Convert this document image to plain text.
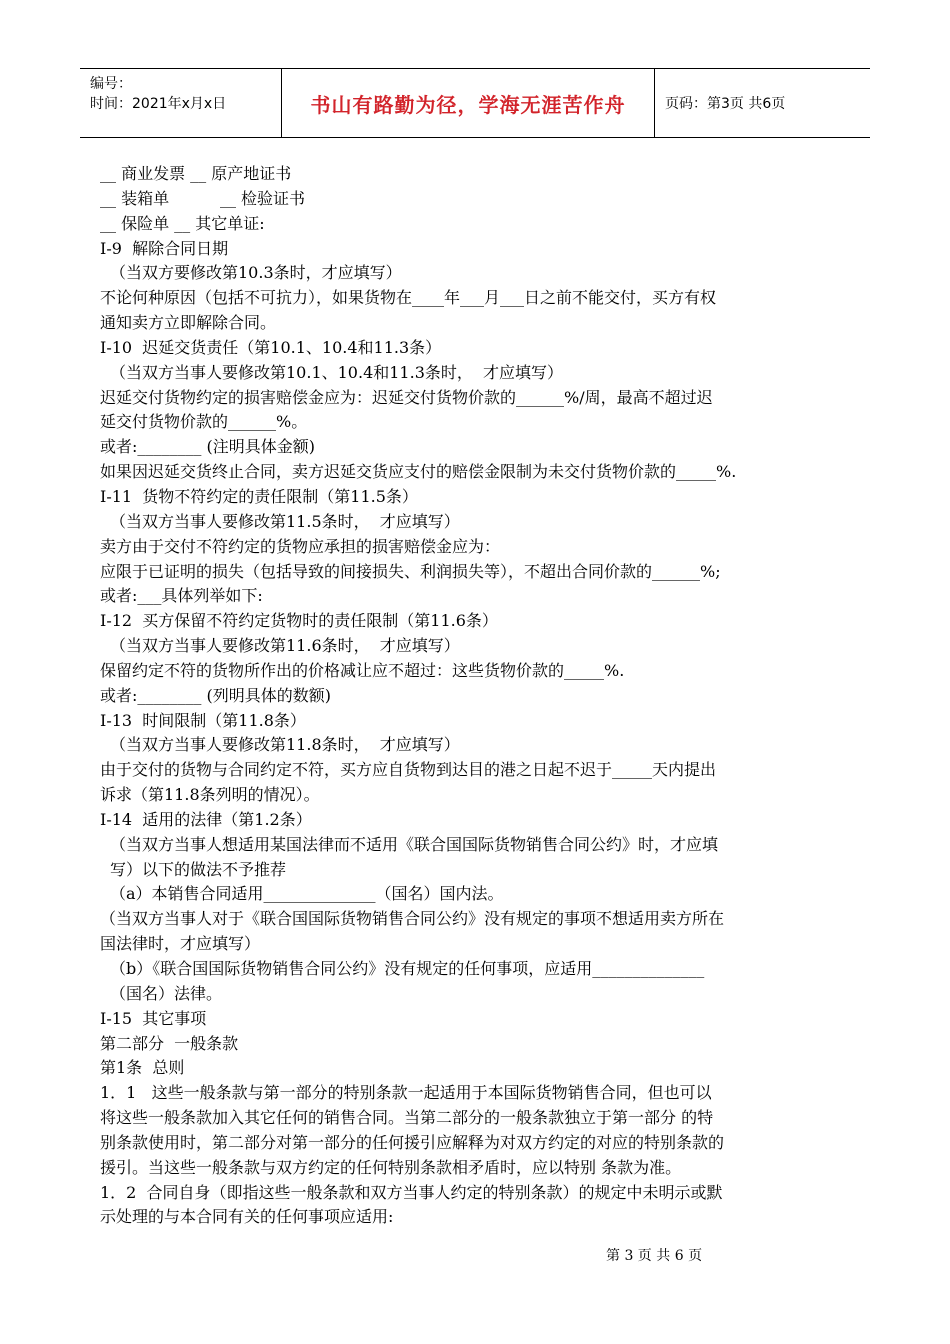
编号：
时间：2021年x月x日	书山有路勤为径，学海无涯苦作舟	页码：第3页 共6页
__ 商业发票 __ 原产地证书
__ 装箱单          __ 检验证书
__ 保险单 __ 其它单证:
I-9  解除合同日期
（当双方要修改第10.3条时，才应填写）
不论何种原因（包括不可抗力），如果货物在____年___月___日之前不能交付，买方有权
通知卖方立即解除合同。
I-10  迟延交货责任（第10.1、10.4和11.3条）
（当双方当事人要修改第10.1、10.4和11.3条时，  才应填写）
迟延交付货物约定的损害赔偿金应为：迟延交付货物价款的______%/周，最高不超过迟
延交付货物价款的______%。
或者:________ (注明具体金额)
如果因迟延交货终止合同，卖方迟延交货应支付的赔偿金限制为未交付货物价款的_____%.
I-11  货物不符约定的责任限制（第11.5条）
（当双方当事人要修改第11.5条时，  才应填写）
卖方由于交付不符约定的货物应承担的损害赔偿金应为：
应限于已证明的损失（包括导致的间接损失、利润损失等），不超出合同价款的______%;
或者:___具体列举如下:
I-12  买方保留不符约定货物时的责任限制（第11.6条）
（当双方当事人要修改第11.6条时，  才应填写）
保留约定不符的货物所作出的价格减让应不超过：这些货物价款的_____%.
或者:________ (列明具体的数额)
I-13  时间限制（第11.8条）
（当双方当事人要修改第11.8条时，  才应填写）
由于交付的货物与合同约定不符，买方应自货物到达目的港之日起不迟于_____天内提出
诉求（第11.8条列明的情况）。
I-14  适用的法律（第1.2条）
（当双方当事人想适用某国法律而不适用《联合国国际货物销售合同公约》时，才应填
写）以下的做法不予推荐
（a）本销售合同适用______________（国名）国内法。
（当双方当事人对于《联合国国际货物销售合同公约》没有规定的事项不想适用卖方所在
国法律时，才应填写）
（b）《联合国国际货物销售合同公约》没有规定的任何事项，应适用______________
（国名）法律。
I-15  其它事项
第二部分  一般条款
第1条  总则
1．1   这些一般条款与第一部分的特别条款一起适用于本国际货物销售合同，但也可以
将这些一般条款加入其它任何的销售合同。当第二部分的一般条款独立于第一部分 的特
别条款使用时，第二部分对第一部分的任何援引应解释为对双方约定的对应的特别条款的
援引。当这些一般条款与双方约定的任何特别条款相矛盾时，应以特别 条款为准。
1．2  合同自身（即指这些一般条款和双方当事人约定的特别条款）的规定中未明示或默
示处理的与本合同有关的任何事项应适用:
第 3 页 共 6 页
